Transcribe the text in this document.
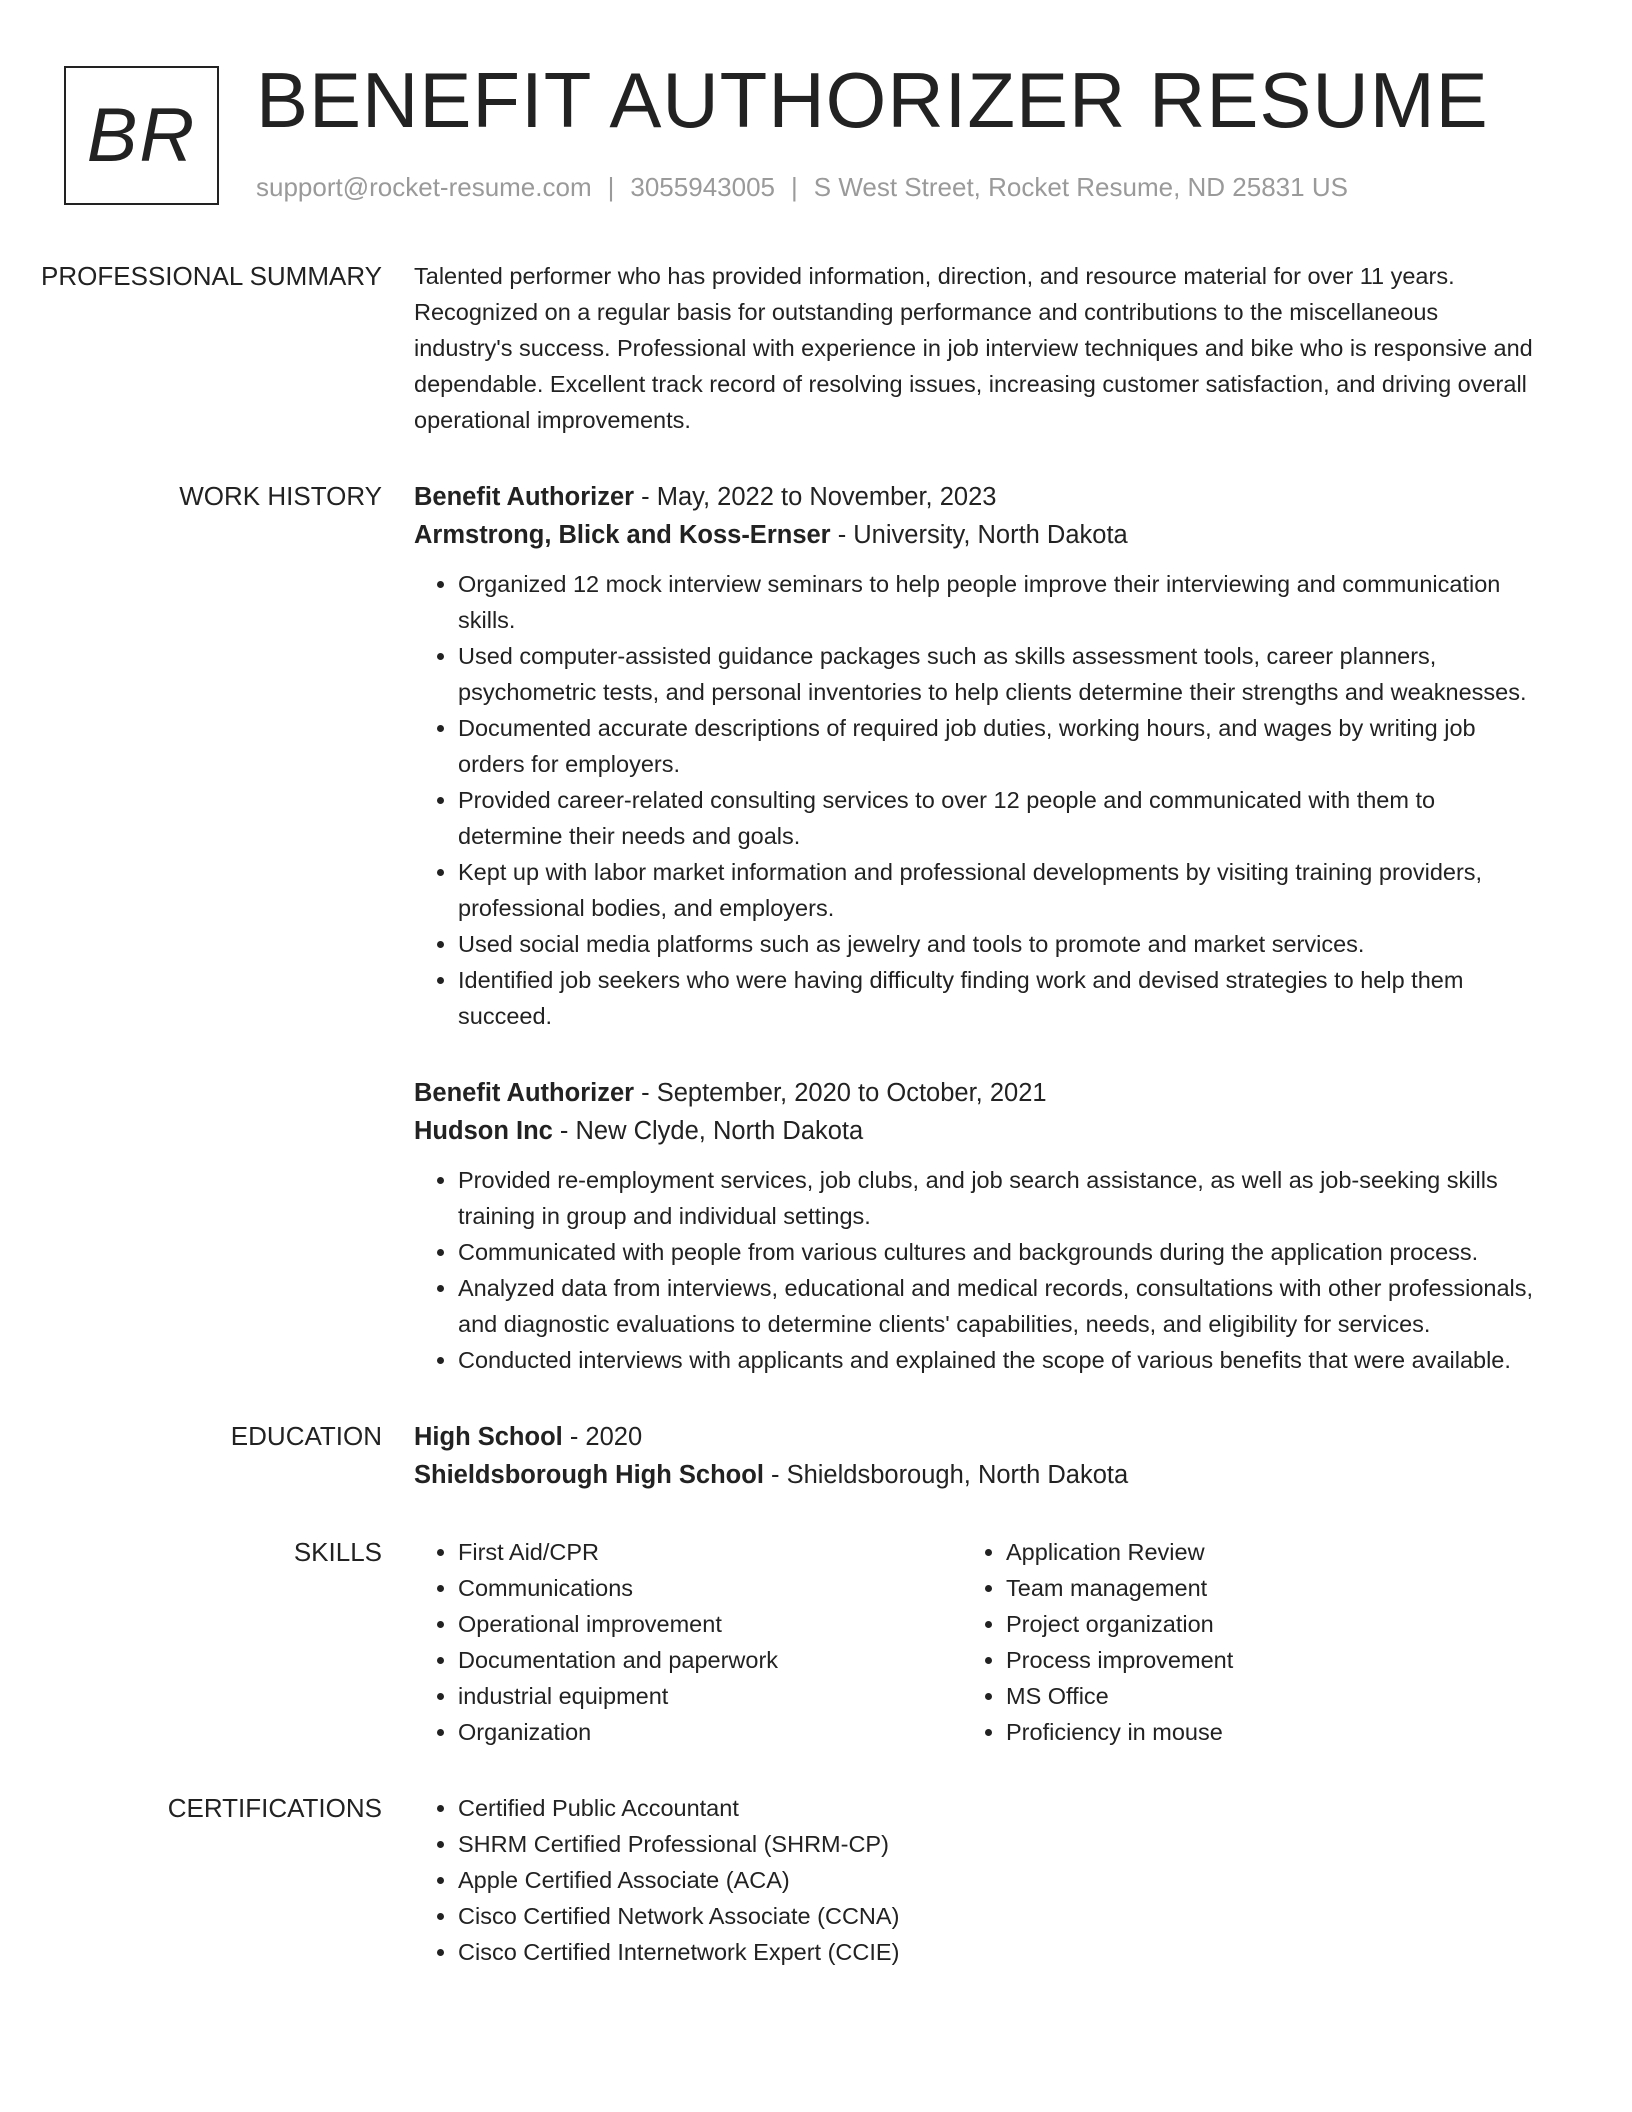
BR BENEFIT AUTHORIZER RESUME
support@rocket-resume.com | 3055943005 | S West Street, Rocket Resume, ND 25831 US
PROFESSIONAL SUMMARY	Talented performer who has provided information, direction, and resource material for over 11 years. Recognized on a regular basis for outstanding performance and contributions to the miscellaneous industry's success. Professional with experience in job interview techniques and bike who is responsive and dependable. Excellent track record of resolving issues, increasing customer satisfaction, and driving overall operational improvements.

WORK HISTORY	Benefit Authorizer - May, 2022 to November, 2023
Armstrong, Blick and Koss-Ernser - University, North Dakota
• Organized 12 mock interview seminars to help people improve their interviewing and communication skills.
• Used computer-assisted guidance packages such as skills assessment tools, career planners, psychometric tests, and personal inventories to help clients determine their strengths and weaknesses.
• Documented accurate descriptions of required job duties, working hours, and wages by writing job orders for employers.
• Provided career-related consulting services to over 12 people and communicated with them to determine their needs and goals.
• Kept up with labor market information and professional developments by visiting training providers, professional bodies, and employers.
• Used social media platforms such as jewelry and tools to promote and market services.
• Identified job seekers who were having difficulty finding work and devised strategies to help them succeed.
Benefit Authorizer - September, 2020 to October, 2021
Hudson Inc - New Clyde, North Dakota
• Provided re-employment services, job clubs, and job search assistance, as well as job-seeking skills training in group and individual settings.
• Communicated with people from various cultures and backgrounds during the application process.
• Analyzed data from interviews, educational and medical records, consultations with other professionals, and diagnostic evaluations to determine clients' capabilities, needs, and eligibility for services.
• Conducted interviews with applicants and explained the scope of various benefits that were available.
EDUCATION	High School - 2020
Shieldsborough High School - Shieldsborough, North Dakota
SKILLS	• First Aid/CPR
• Communications
• Operational improvement
• Documentation and paperwork
• industrial equipment
• Organization
• Application Review
• Team management
• Project organization
• Process improvement
• MS Office
• Proficiency in mouse
CERTIFICATIONS	• Certified Public Accountant
• SHRM Certified Professional (SHRM-CP)
• Apple Certified Associate (ACA)
• Cisco Certified Network Associate (CCNA)
• Cisco Certified Internetwork Expert (CCIE)
